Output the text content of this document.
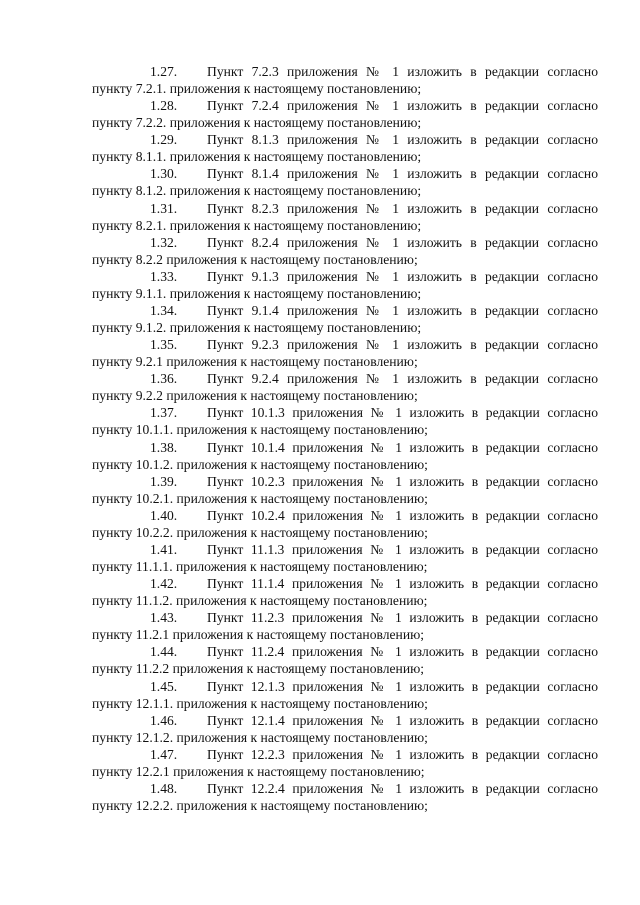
1.27. Пункт 7.2.3 приложения № 1 изложить в редакции согласно
пункту 7.2.1. приложения к настоящему постановлению;
1.28. Пункт 7.2.4 приложения № 1 изложить в редакции согласно
пункту 7.2.2. приложения к настоящему постановлению;
1.29. Пункт 8.1.3 приложения № 1 изложить в редакции согласно
пункту 8.1.1. приложения к настоящему постановлению;
1.30. Пункт 8.1.4 приложения № 1 изложить в редакции согласно
пункту 8.1.2. приложения к настоящему постановлению;
1.31. Пункт 8.2.3 приложения № 1 изложить в редакции согласно
пункту 8.2.1. приложения к настоящему постановлению;
1.32. Пункт 8.2.4 приложения № 1 изложить в редакции согласно
пункту 8.2.2 приложения к настоящему постановлению;
1.33. Пункт 9.1.3 приложения № 1 изложить в редакции согласно
пункту 9.1.1. приложения к настоящему постановлению;
1.34. Пункт 9.1.4 приложения № 1 изложить в редакции согласно
пункту 9.1.2. приложения к настоящему постановлению;
1.35. Пункт 9.2.3 приложения № 1 изложить в редакции согласно
пункту 9.2.1 приложения к настоящему постановлению;
1.36. Пункт 9.2.4 приложения № 1 изложить в редакции согласно
пункту 9.2.2 приложения к настоящему постановлению;
1.37. Пункт 10.1.3 приложения № 1 изложить в редакции согласно
пункту 10.1.1. приложения к настоящему постановлению;
1.38. Пункт 10.1.4 приложения № 1 изложить в редакции согласно
пункту 10.1.2. приложения к настоящему постановлению;
1.39. Пункт 10.2.3 приложения № 1 изложить в редакции согласно
пункту 10.2.1. приложения к настоящему постановлению;
1.40. Пункт 10.2.4 приложения № 1 изложить в редакции согласно
пункту 10.2.2. приложения к настоящему постановлению;
1.41. Пункт 11.1.3 приложения № 1 изложить в редакции согласно
пункту 11.1.1. приложения к настоящему постановлению;
1.42. Пункт 11.1.4 приложения № 1 изложить в редакции согласно
пункту 11.1.2. приложения к настоящему постановлению;
1.43. Пункт 11.2.3 приложения № 1 изложить в редакции согласно
пункту 11.2.1 приложения к настоящему постановлению;
1.44. Пункт 11.2.4 приложения № 1 изложить в редакции согласно
пункту 11.2.2 приложения к настоящему постановлению;
1.45. Пункт 12.1.3 приложения № 1 изложить в редакции согласно
пункту 12.1.1. приложения к настоящему постановлению;
1.46. Пункт 12.1.4 приложения № 1 изложить в редакции согласно
пункту 12.1.2. приложения к настоящему постановлению;
1.47. Пункт 12.2.3 приложения № 1 изложить в редакции согласно
пункту 12.2.1 приложения к настоящему постановлению;
1.48. Пункт 12.2.4 приложения № 1 изложить в редакции согласно
пункту 12.2.2. приложения к настоящему постановлению;
